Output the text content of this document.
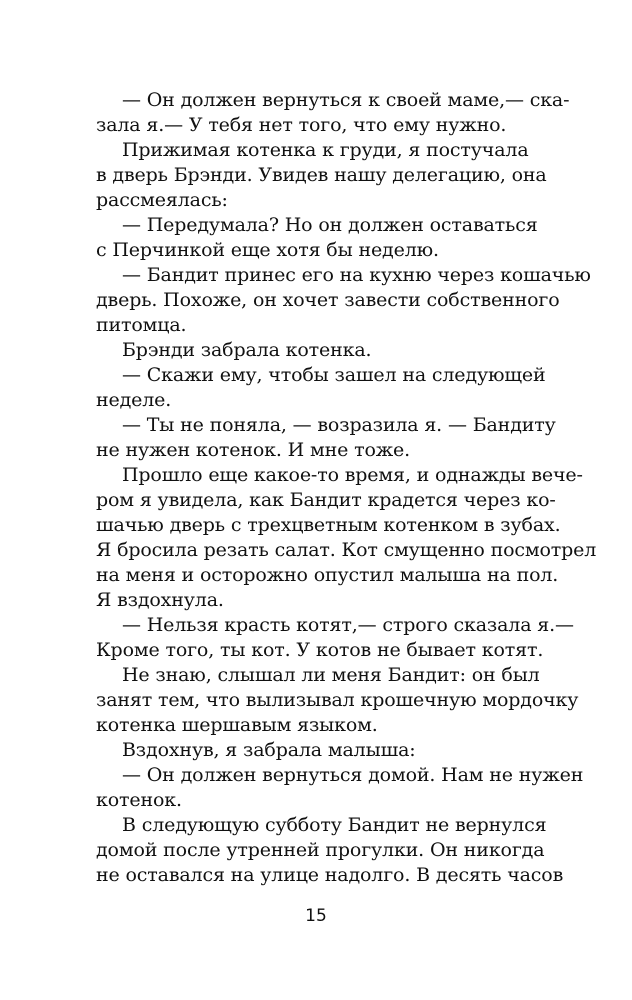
— Он должен вернуться к своей маме,— ска-
зала я.— У тебя нет того, что ему нужно.
Прижимая котенка к груди, я постучала
в дверь Брэнди. Увидев нашу делегацию, она
рассмеялась:
— Передумала? Но он должен оставаться
с Перчинкой еще хотя бы неделю.
— Бандит принес его на кухню через кошачью
дверь. Похоже, он хочет завести собственного
питомца.
Брэнди забрала котенка.
— Скажи ему, чтобы зашел на следующей
неделе.
— Ты не поняла, — возразила я. — Бандиту
не нужен котенок. И мне тоже.
Прошло еще какое-то время, и однажды вече-
ром я увидела, как Бандит крадется через ко-
шачью дверь с трехцветным котенком в зубах.
Я бросила резать салат. Кот смущенно посмотрел
на меня и осторожно опустил малыша на пол.
Я вздохнула.
— Нельзя красть котят,— строго сказала я.—
Кроме того, ты кот. У котов не бывает котят.
Не знаю, слышал ли меня Бандит: он был
занят тем, что вылизывал крошечную мордочку
котенка шершавым языком.
Вздохнув, я забрала малыша:
— Он должен вернуться домой. Нам не нужен
котенок.
В следующую субботу Бандит не вернулся
домой после утренней прогулки. Он никогда
не оставался на улице надолго. В десять часов
15
